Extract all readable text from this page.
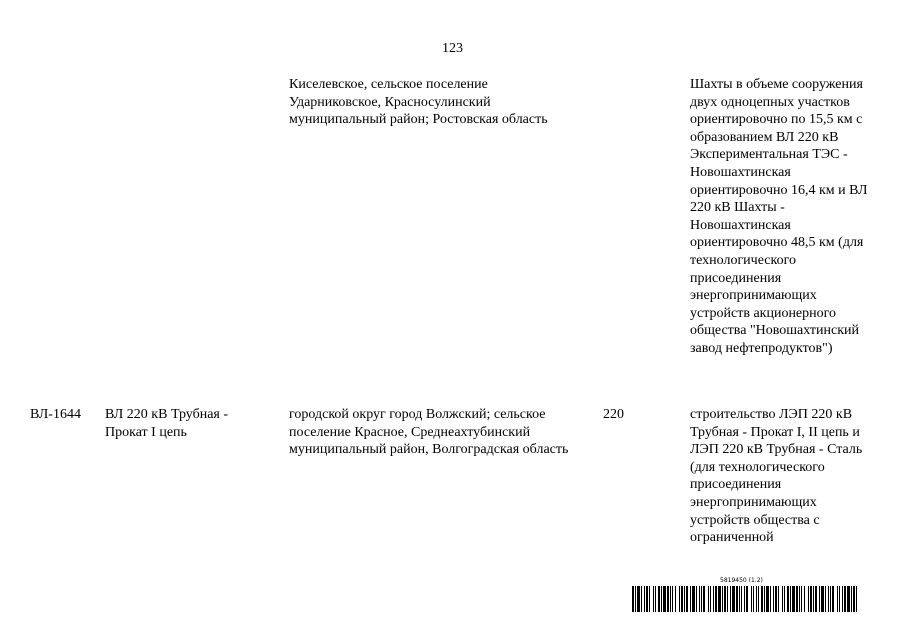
123
Киселевское, сельское поселение Ударниковское, Красносулинский муниципальный район; Ростовская область
Шахты в объеме сооружения двух одноцепных участков ориентировочно по 15,5 км с образованием ВЛ 220 кВ Экспериментальная ТЭС - Новошахтинская ориентировочно 16,4 км и ВЛ 220 кВ Шахты - Новошахтинская ориентировочно 48,5 км (для технологического присоединения энергопринимающих устройств акционерного общества "Новошахтинский завод нефтепродуктов")
ВЛ-1644	ВЛ 220 кВ Трубная - Прокат I цепь
городской округ город Волжский; сельское поселение Красное, Среднеахтубинский муниципальный район, Волгоградская область
220	строительство ЛЭП 220 кВ Трубная - Прокат I, II цепь и ЛЭП 220 кВ Трубная - Сталь (для технологического присоединения энергопринимающих устройств общества с ограниченной
5819450 (1.2)
